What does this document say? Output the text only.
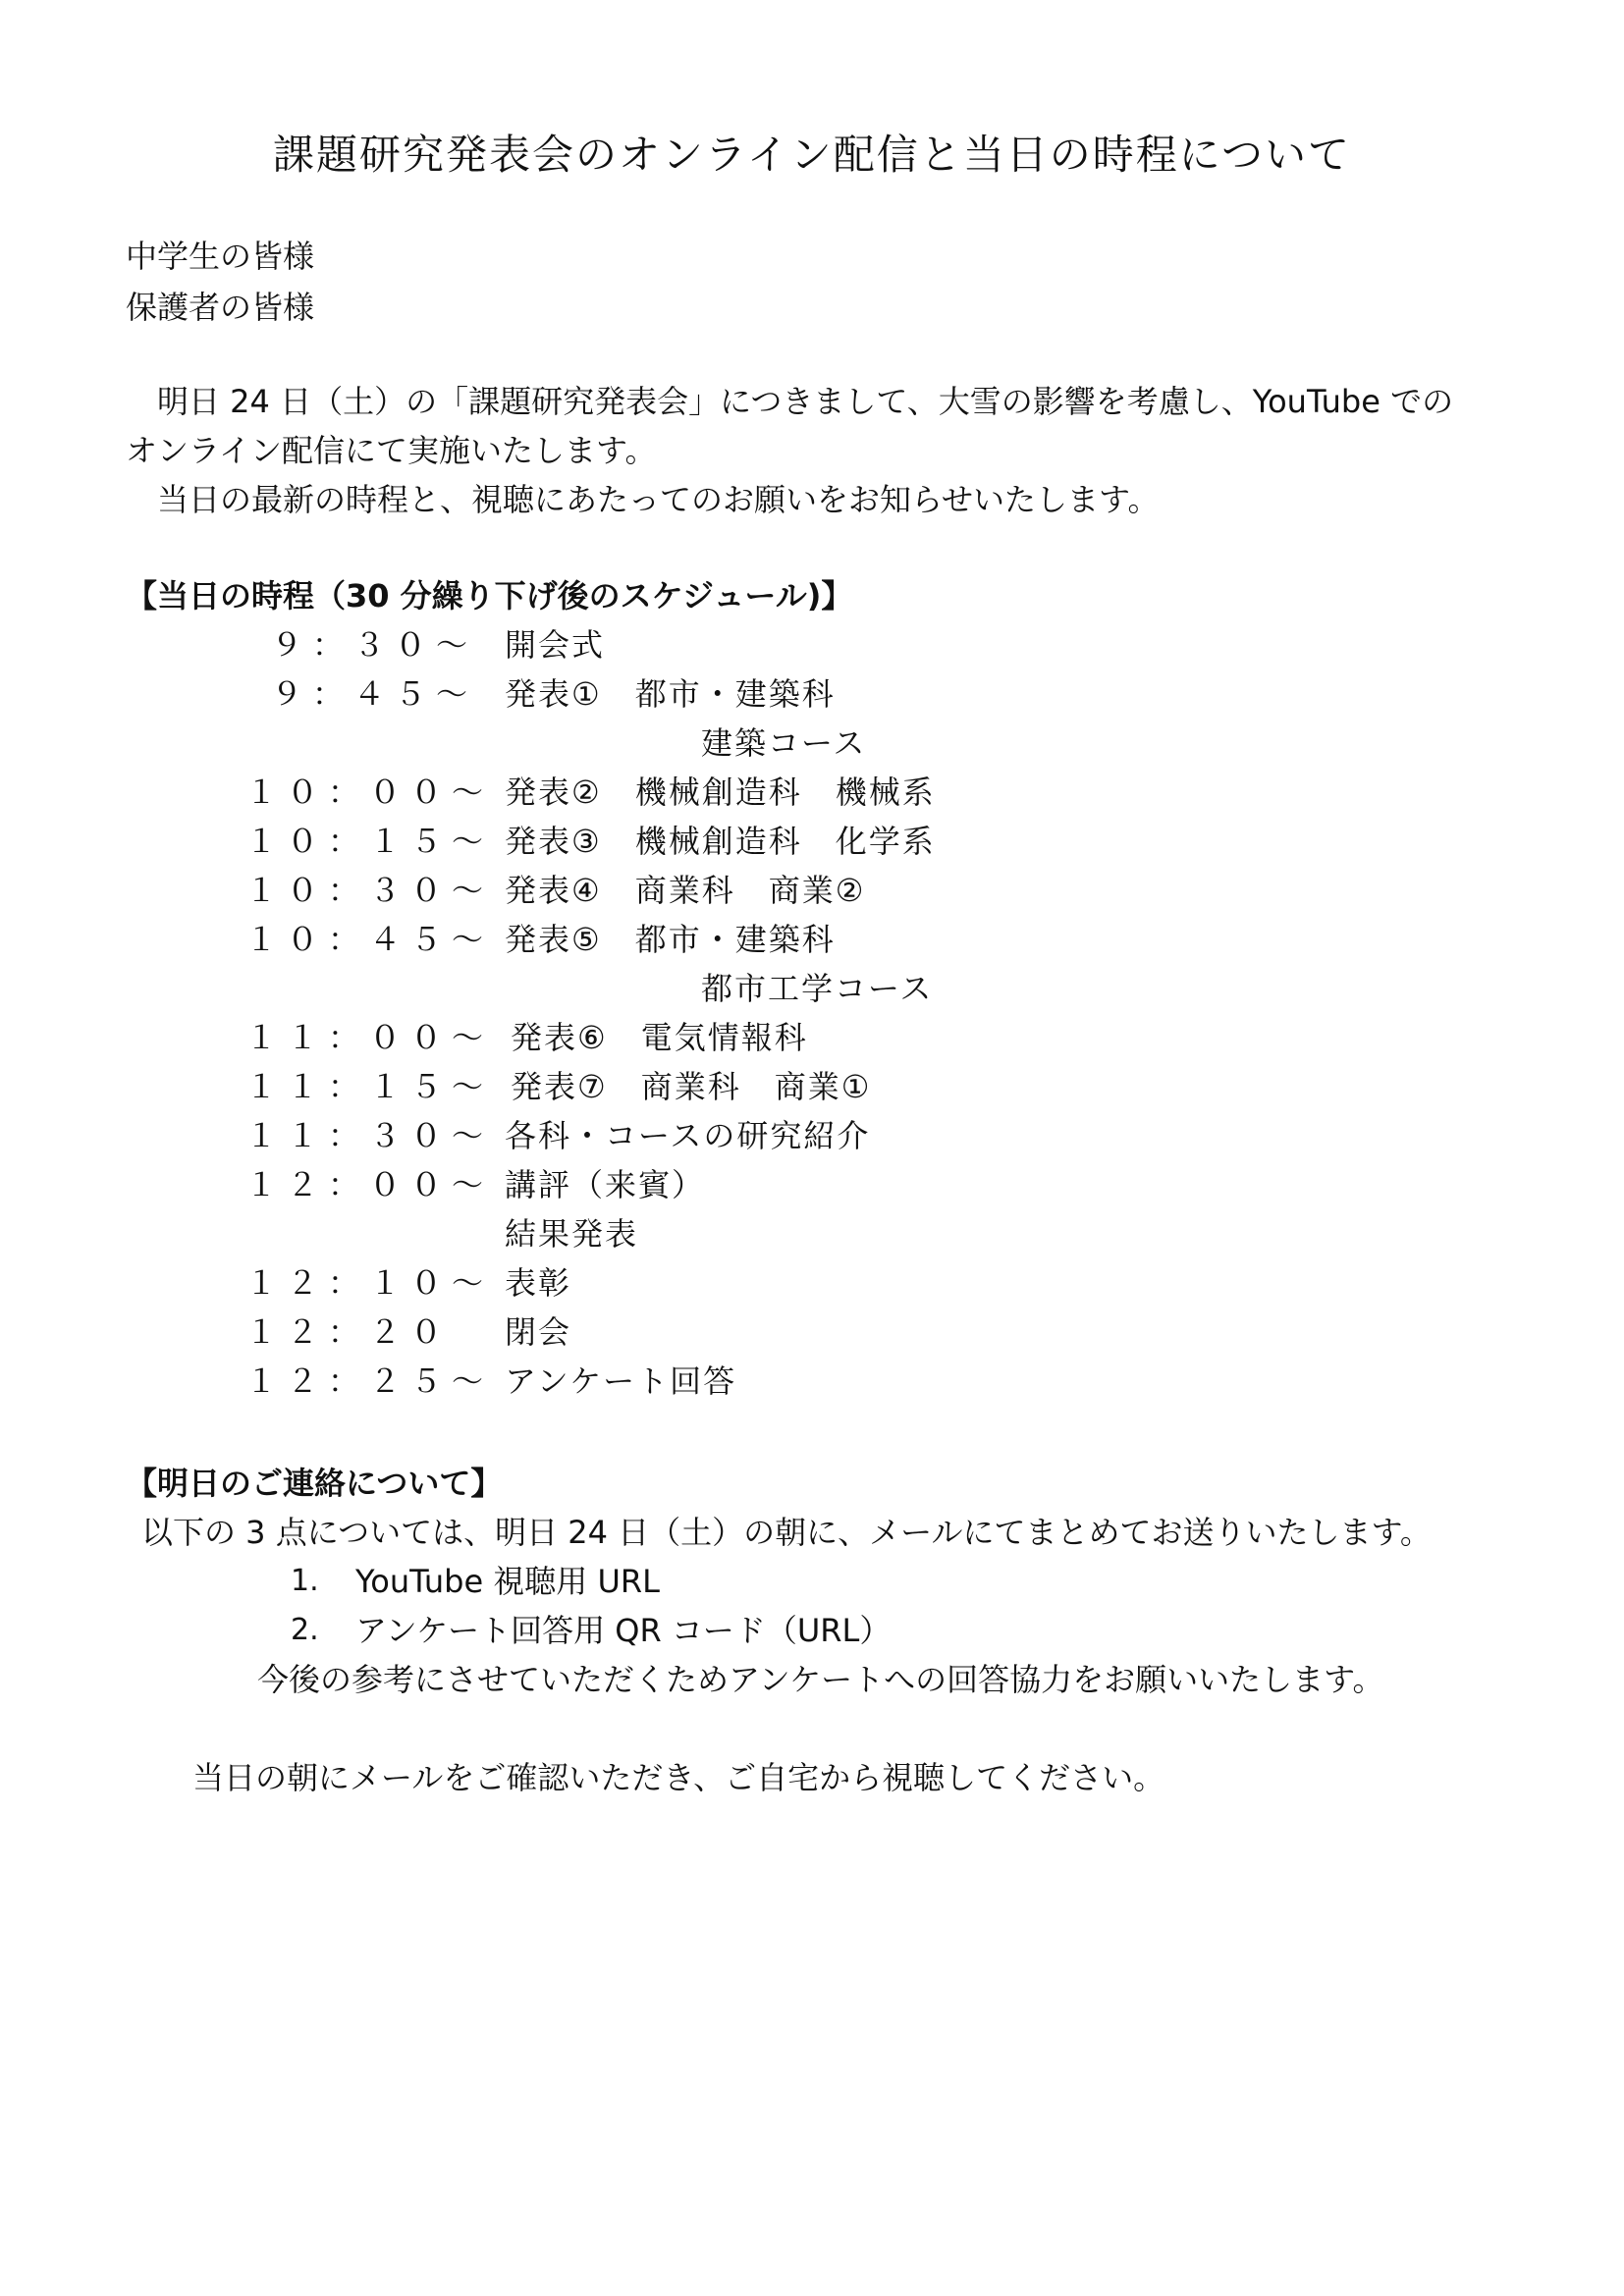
課題研究発表会のオンライン配信と当日の時程について
中学生の皆様
保護者の皆様
明日 24 日（土）の「課題研究発表会」につきまして、大雪の影響を考慮し、YouTube での
オンライン配信にて実施いたします。
当日の最新の時程と、視聴にあたってのお願いをお知らせいたします。
【当日の時程（30 分繰り下げ後のスケジュール)】
９：３０～ 開会式
９：４５～ 発表①　都市・建築科
建築コース
１０：００～ 発表②　機械創造科　機械系
１０：１５～ 発表③　機械創造科　化学系
１０：３０～ 発表④　商業科　商業②
１０：４５～ 発表⑤　都市・建築科
都市工学コース
１１：００～ 発表⑥　電気情報科
１１：１５～ 発表⑦　商業科　商業①
１１：３０～ 各科・コースの研究紹介
１２：００～ 講評（来賓）
結果発表
１２：１０～ 表彰
１２：２０ 閉会
１２：２５～ アンケート回答
【明日のご連絡について】
以下の 3 点については、明日 24 日（土）の朝に、メールにてまとめてお送りいたします。
1. YouTube 視聴用 URL
2. アンケート回答用 QR コード（URL）
今後の参考にさせていただくためアンケートへの回答協力をお願いいたします。
当日の朝にメールをご確認いただき、ご自宅から視聴してください。
